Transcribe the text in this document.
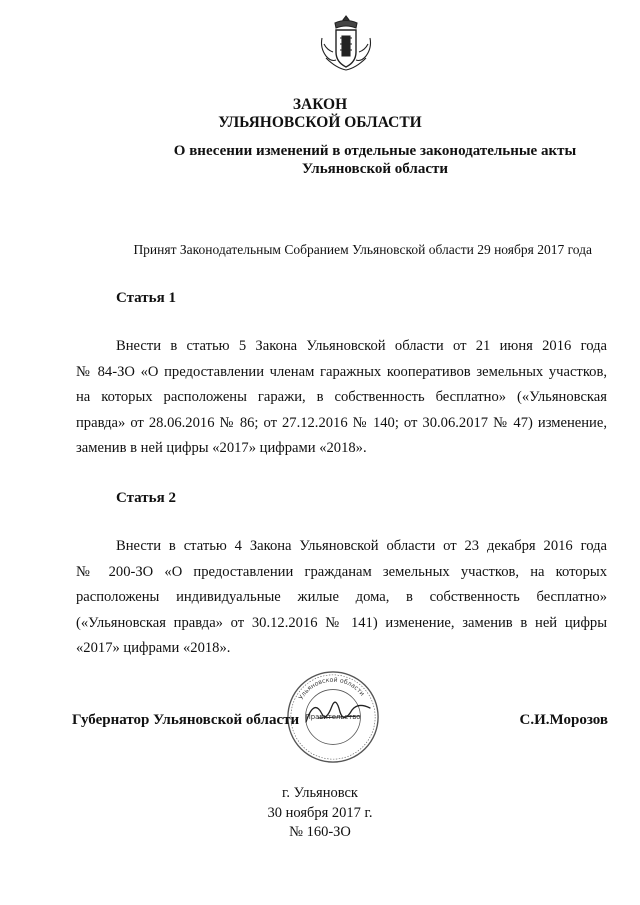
ЗАКОН
УЛЬЯНОВСКОЙ ОБЛАСТИ
О внесении изменений в отдельные законодательные акты
Ульяновской области
Принят Законодательным Собранием Ульяновской области 29 ноября 2017 года
Статья 1
Внести в статью 5 Закона Ульяновской области от 21 июня 2016 года
№ 84-ЗО «О предоставлении членам гаражных кооперативов земельных участков,
на которых расположены гаражи, в собственность бесплатно» («Ульяновская
правда» от 28.06.2016 № 86; от 27.12.2016 № 140; от 30.06.2017 № 47) изменение,
заменив в ней цифры «2017» цифрами «2018».
Статья 2
Внести в статью 4 Закона Ульяновской области от 23 декабря 2016 года
№ 200-ЗО «О предоставлении гражданам земельных участков, на которых
расположены индивидуальные жилые дома, в собственность бесплатно»
(«Ульяновская правда» от 30.12.2016 № 141) изменение, заменив в ней цифры
«2017» цифрами «2018».
Ульяновской области
Правительство
Губернатор Ульяновской области	С.И.Морозов
г. Ульяновск
30 ноября 2017 г.
№ 160-ЗО
